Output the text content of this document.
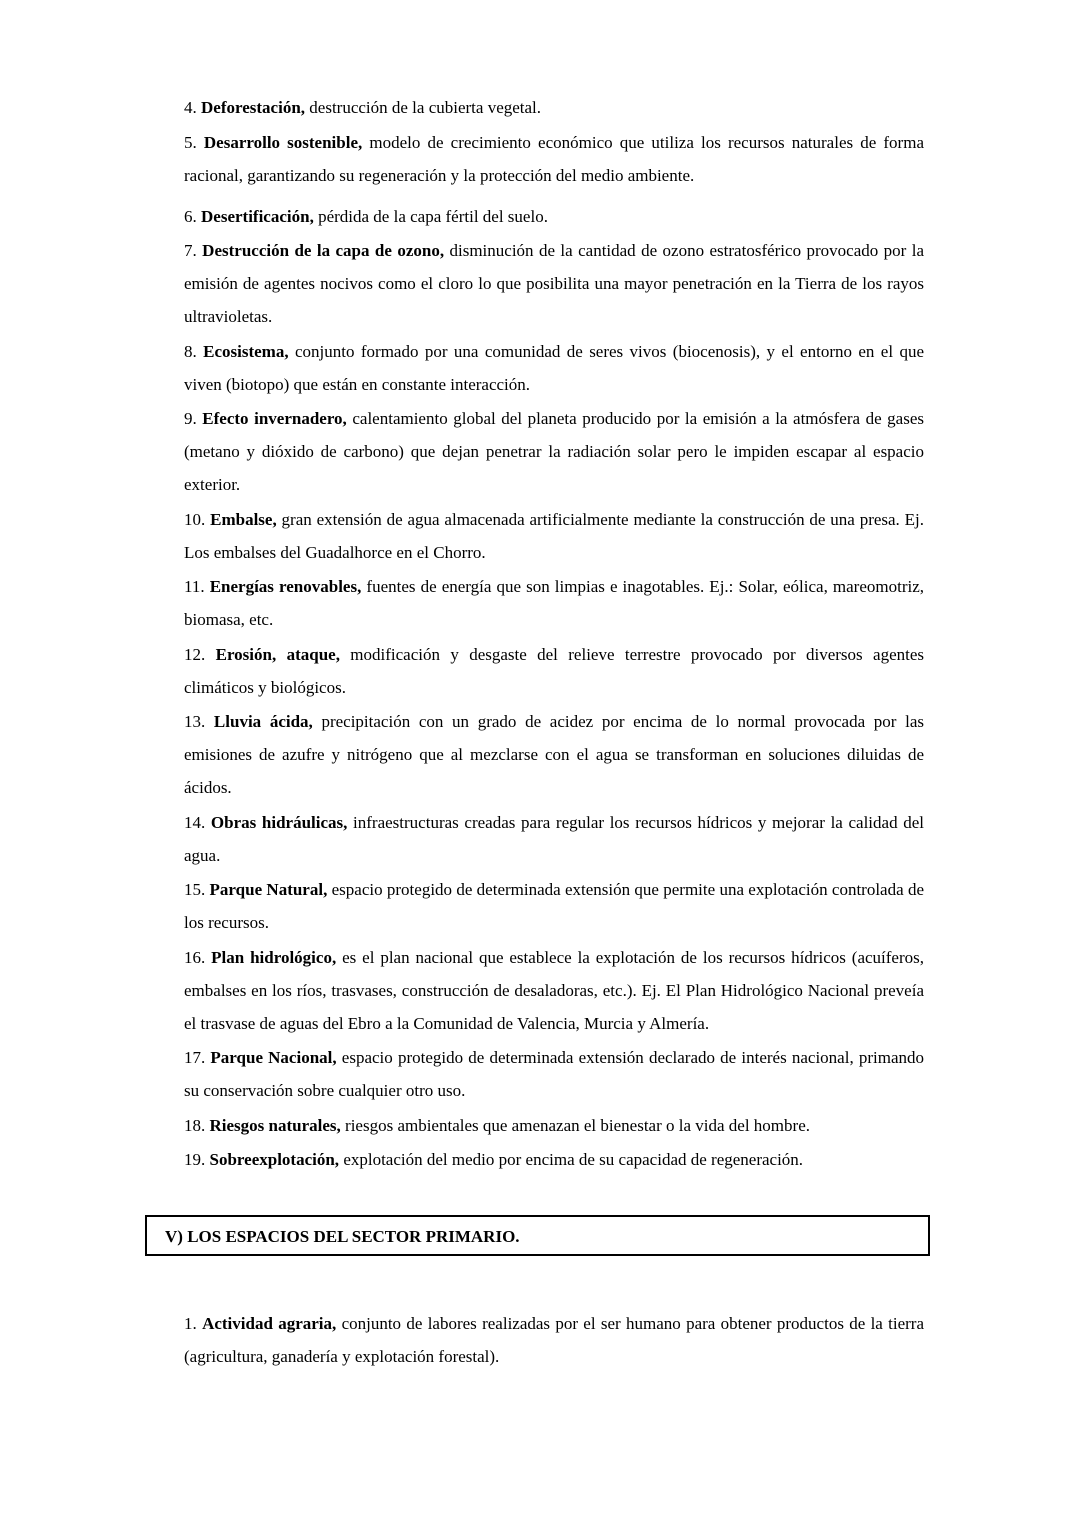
4. Deforestación, destrucción de la cubierta vegetal.

5. Desarrollo sostenible, modelo de crecimiento económico que utiliza los recursos naturales de forma racional, garantizando su regeneración y la protección del medio ambiente.

6. Desertificación, pérdida de la capa fértil del suelo.

7. Destrucción de la capa de ozono, disminución de la cantidad de ozono estratosférico provocado por la emisión de agentes nocivos como el cloro lo que posibilita una mayor penetración en la Tierra de los rayos ultravioletas.

8. Ecosistema, conjunto formado por una comunidad de seres vivos (biocenosis), y el entorno en el que viven (biotopo) que están en constante interacción.

9. Efecto invernadero, calentamiento global del planeta producido por la emisión a la atmósfera de gases (metano y dióxido de carbono) que dejan penetrar la radiación solar pero le impiden escapar al espacio exterior.

10. Embalse, gran extensión de agua almacenada artificialmente mediante la construcción de una presa. Ej. Los embalses del Guadalhorce en el Chorro.

11. Energías renovables, fuentes de energía que son limpias e inagotables. Ej.: Solar, eólica, mareomotriz, biomasa, etc.

12. Erosión, ataque, modificación y desgaste del relieve terrestre provocado por diversos agentes climáticos y biológicos.

13. Lluvia ácida, precipitación con un grado de acidez por encima de lo normal provocada por las emisiones de azufre y nitrógeno que al mezclarse con el agua se transforman en soluciones diluidas de ácidos.

14. Obras hidráulicas, infraestructuras creadas para regular los recursos hídricos y mejorar la calidad del agua.

15. Parque Natural, espacio protegido de determinada extensión que permite una explotación controlada de los recursos.

16. Plan hidrológico, es el plan nacional que establece la explotación de los recursos hídricos (acuíferos, embalses en los ríos, trasvases, construcción de desaladoras, etc.). Ej. El Plan Hidrológico Nacional preveía el trasvase de aguas del Ebro a la Comunidad de Valencia, Murcia y Almería.

17. Parque Nacional, espacio protegido de determinada extensión declarado de interés nacional, primando su conservación sobre cualquier otro uso.

18. Riesgos naturales, riesgos ambientales que amenazan el bienestar o la vida del hombre.

19. Sobreexplotación, explotación del medio por encima de su capacidad de regeneración.

V) LOS ESPACIOS DEL SECTOR PRIMARIO.

1. Actividad agraria, conjunto de labores realizadas por el ser humano para obtener productos de la tierra (agricultura, ganadería y explotación forestal).
